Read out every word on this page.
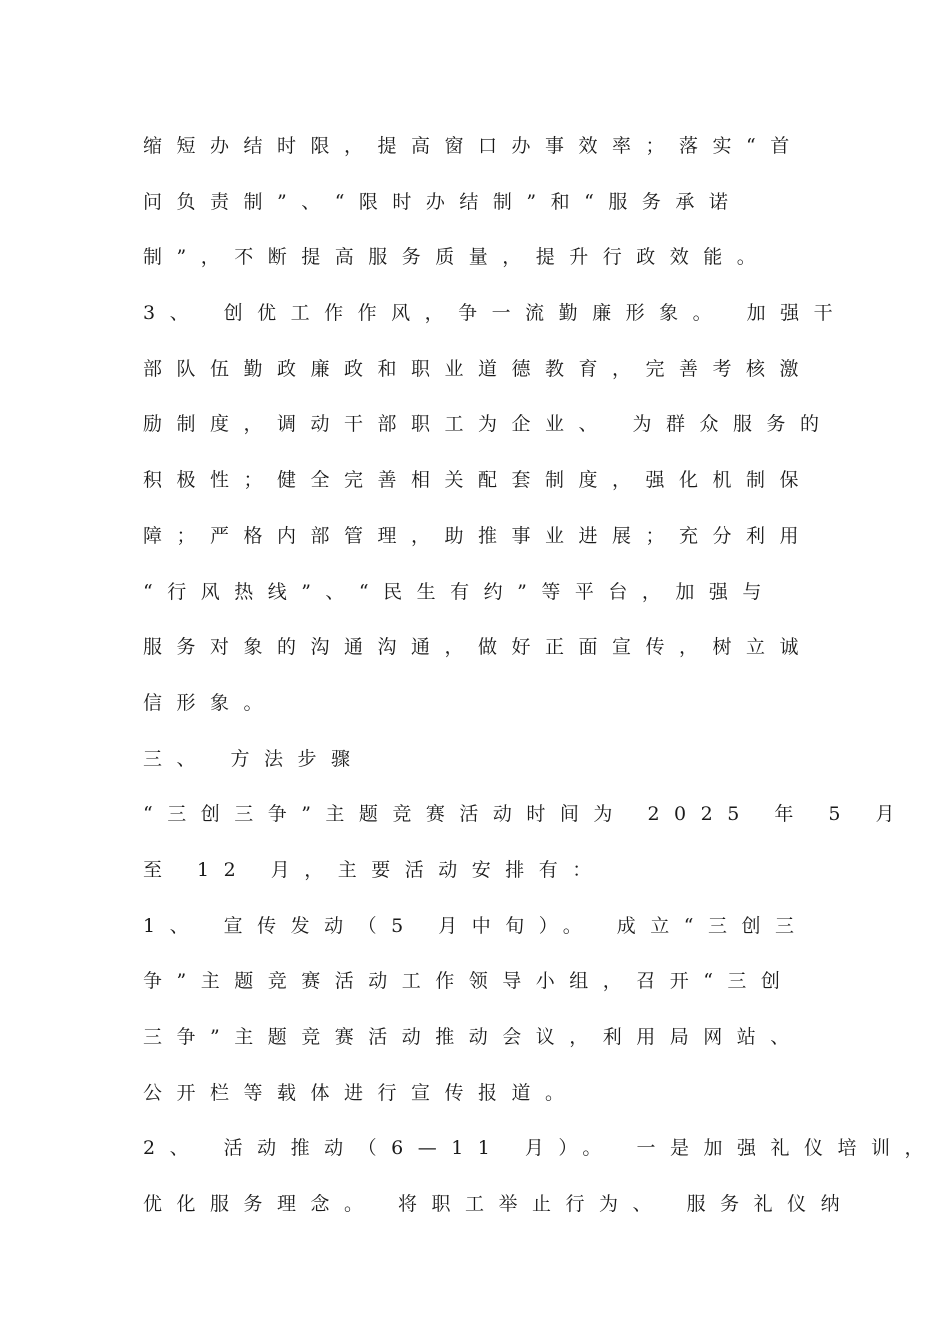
缩短办结时限，提高窗口办事效率；落实“首
问负责制”、“限时办结制”和“服务承诺
制”，不断提高服务质量，提升行政效能。
3、 创优工作作风，争一流勤廉形象。 加强干
部队伍勤政廉政和职业道德教育，完善考核激
励制度，调动干部职工为企业、 为群众服务的
积极性；健全完善相关配套制度，强化机制保
障；严格内部管理，助推事业进展；充分利用
“行风热线”、“民生有约”等平台，加强与
服务对象的沟通沟通，做好正面宣传，树立诚
信形象。
三、 方法步骤
“三创三争”主题竞赛活动时间为 2025 年 5 月
至 12 月，主要活动安排有：
1、 宣传发动（5 月中旬）。 成立“三创三
争”主题竞赛活动工作领导小组，召开“三创
三争”主题竞赛活动推动会议，利用局网站、
公开栏等载体进行宣传报道。
2、 活动推动（6—11 月）。 一是加强礼仪培训，
优化服务理念。 将职工举止行为、 服务礼仪纳
